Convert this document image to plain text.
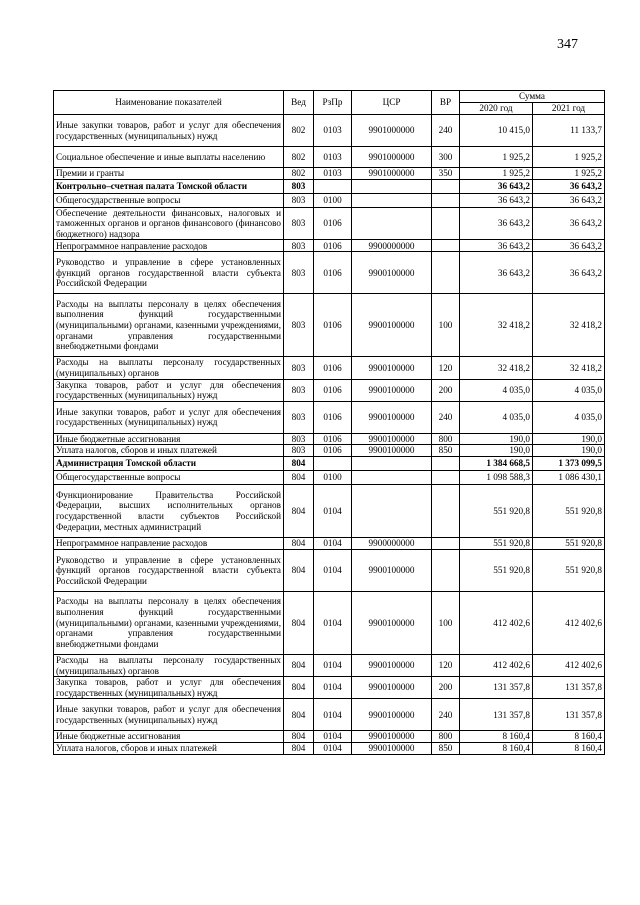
347
Наименование показателей	Вед	РзПр	ЦСР	ВР	Сумма	
					2020 год	2021 год
Иные закупки товаров, работ и услуг для обеспечения государственных (муниципальных) нужд	802	0103	9901000000	240	10 415,0	11 133,7
Социальное обеспечение и иные выплаты населению	802	0103	9901000000	300	1 925,2	1 925,2
Премии и гранты	802	0103	9901000000	350	1 925,2	1 925,2
Контрольно–счетная палата Томской области	803				36 643,2	36 643,2
Общегосударственные вопросы	803	0100			36 643,2	36 643,2
Обеспечение деятельности финансовых, налоговых и таможенных органов и органов финансового (финансово бюджетного) надзора	803	0106			36 643,2	36 643,2
Непрограммное направление расходов	803	0106	9900000000		36 643,2	36 643,2
Руководство и управление в сфере установленных функций органов государственной власти субъекта Российской Федерации	803	0106	9900100000		36 643,2	36 643,2
Расходы на выплаты персоналу в целях обеспечения выполнения функций государственными (муниципальными) органами, казенными учреждениями, органами управления государственными внебюджетными фондами	803	0106	9900100000	100	32 418,2	32 418,2
Расходы на выплаты персоналу государственных (муниципальных) органов	803	0106	9900100000	120	32 418,2	32 418,2
Закупка товаров, работ и услуг для обеспечения государственных (муниципальных) нужд	803	0106	9900100000	200	4 035,0	4 035,0
Иные закупки товаров, работ и услуг для обеспечения государственных (муниципальных) нужд	803	0106	9900100000	240	4 035,0	4 035,0
Иные бюджетные ассигнования	803	0106	9900100000	800	190,0	190,0
Уплата налогов, сборов и иных платежей	803	0106	9900100000	850	190,0	190,0
Администрация Томской области	804				1 384 668,5	1 373 099,5
Общегосударственные вопросы	804	0100			1 098 588,3	1 086 430,1
Функционирование Правительства Российской Федерации, высших исполнительных органов государственной власти субъектов Российской Федерации, местных администраций	804	0104			551 920,8	551 920,8
Непрограммное направление расходов	804	0104	9900000000		551 920,8	551 920,8
Руководство и управление в сфере установленных функций органов государственной власти субъекта Российской Федерации	804	0104	9900100000		551 920,8	551 920,8
Расходы на выплаты персоналу в целях обеспечения выполнения функций государственными (муниципальными) органами, казенными учреждениями, органами управления государственными внебюджетными фондами	804	0104	9900100000	100	412 402,6	412 402,6
Расходы на выплаты персоналу государственных (муниципальных) органов	804	0104	9900100000	120	412 402,6	412 402,6
Закупка товаров, работ и услуг для обеспечения государственных (муниципальных) нужд	804	0104	9900100000	200	131 357,8	131 357,8
Иные закупки товаров, работ и услуг для обеспечения государственных (муниципальных) нужд	804	0104	9900100000	240	131 357,8	131 357,8
Иные бюджетные ассигнования	804	0104	9900100000	800	8 160,4	8 160,4
Уплата налогов, сборов и иных платежей	804	0104	9900100000	850	8 160,4	8 160,4
